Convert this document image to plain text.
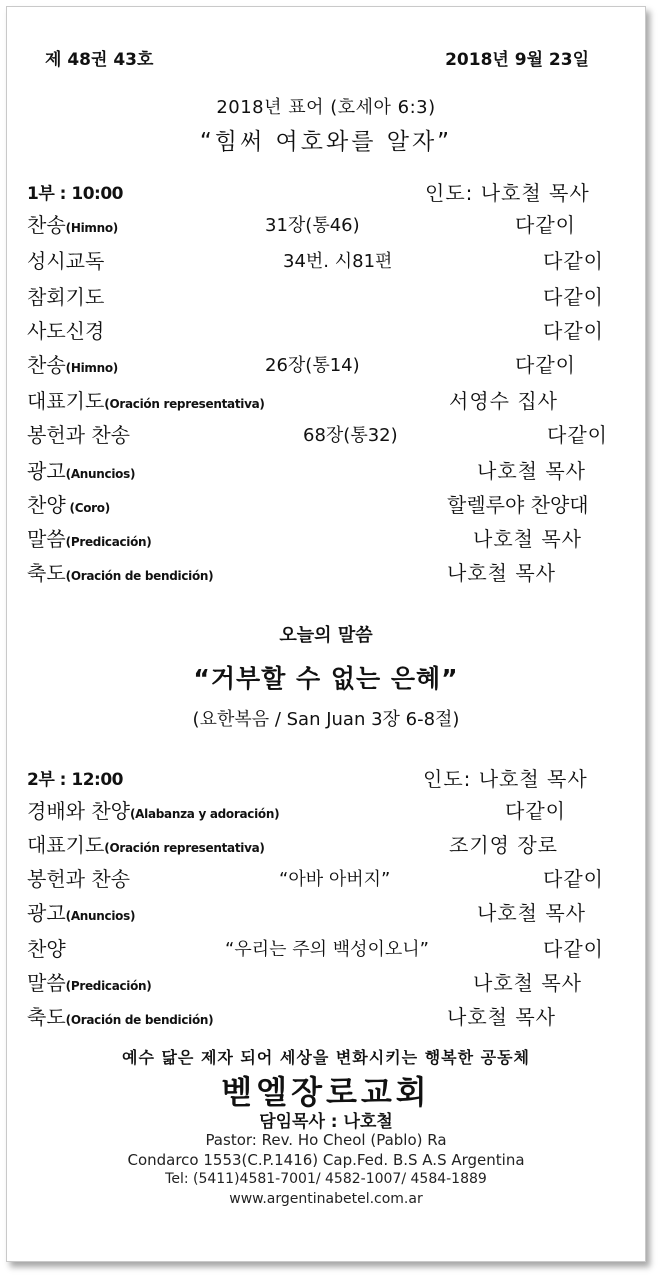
제 48권 43호	2018년 9월 23일
2018년 표어 (호세아 6:3)
“힘써 여호와를 알자”
1부 : 10:00	인도: 나호철 목사
찬송(Himno)	31장(통46)	다같이
성시교독	34번. 시81편	다같이
참회기도	다같이
사도신경	다같이
찬송(Himno)	26장(통14)	다같이
대표기도(Oración representativa)	서영수 집사
봉헌과 찬송	68장(통32)	다같이
광고(Anuncios)	나호철 목사
찬양 (Coro)	할렐루야 찬양대
말씀(Predicación)	나호철 목사
축도(Oración de bendición)	나호철 목사
오늘의 말씀
“거부할 수 없는 은혜”
(요한복음 / San Juan 3장 6-8절)
2부 : 12:00	인도: 나호철 목사
경배와 찬양(Alabanza y adoración)	다같이
대표기도(Oración representativa)	조기영 장로
봉헌과 찬송	“아바 아버지”	다같이
광고(Anuncios)	나호철 목사
찬양	“우리는 주의 백성이오니”	다같이
말씀(Predicación)	나호철 목사
축도(Oración de bendición)	나호철 목사
예수 닮은 제자 되어 세상을 변화시키는 행복한 공동체
벧엘장로교회
담임목사 : 나호철
Pastor: Rev. Ho Cheol (Pablo) Ra
Condarco 1553(C.P.1416) Cap.Fed. B.S A.S Argentina
Tel: (5411)4581-7001/ 4582-1007/ 4584-1889
www.argentinabetel.com.ar
